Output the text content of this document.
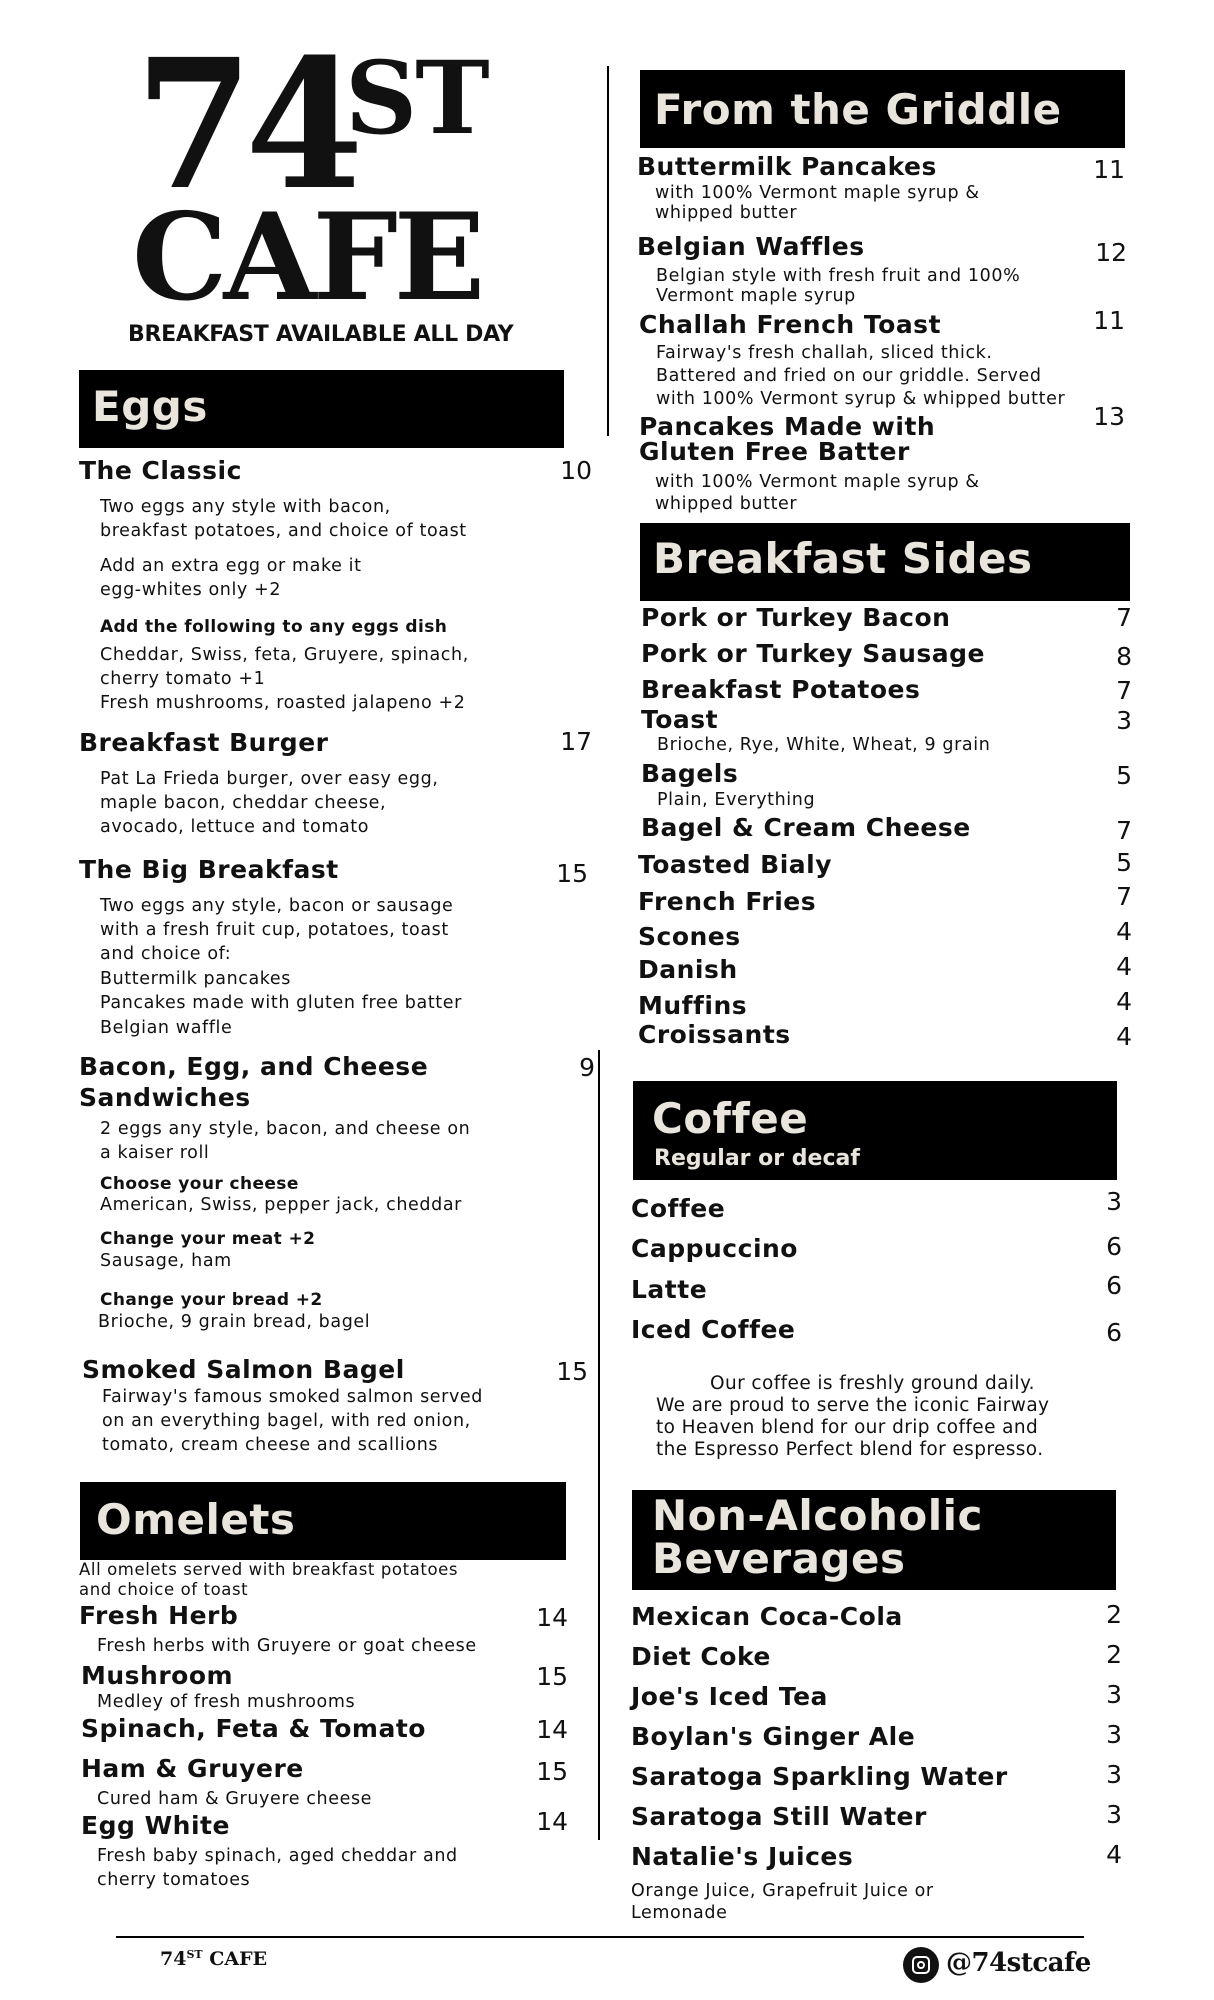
74
ST
CAFE
BREAKFAST AVAILABLE ALL DAY
Eggs
The Classic	10
Two eggs any style with bacon,
breakfast potatoes, and choice of toast
Add an extra egg or make it
egg-whites only +2
Add the following to any eggs dish
Cheddar, Swiss, feta, Gruyere, spinach,
cherry tomato +1
Fresh mushrooms, roasted jalapeno +2
Breakfast Burger	17
Pat La Frieda burger, over easy egg,
maple bacon, cheddar cheese,
avocado, lettuce and tomato
The Big Breakfast	15
Two eggs any style, bacon or sausage
with a fresh fruit cup, potatoes, toast
and choice of:
Buttermilk pancakes
Pancakes made with gluten free batter
Belgian waffle
Bacon, Egg, and Cheese
Sandwiches
9
2 eggs any style, bacon, and cheese on
a kaiser roll
Choose your cheese
American, Swiss, pepper jack, cheddar
Change your meat +2
Sausage, ham
Change your bread +2
Brioche, 9 grain bread, bagel
Smoked Salmon Bagel	15
Fairway's famous smoked salmon served
on an everything bagel, with red onion,
tomato, cream cheese and scallions
Omelets
All omelets served with breakfast potatoes
and choice of toast
Fresh Herb	14
Fresh herbs with Gruyere or goat cheese
Mushroom	15
Medley of fresh mushrooms
Spinach, Feta & Tomato	14
Ham & Gruyere	15
Cured ham & Gruyere cheese
Egg White	14
Fresh baby spinach, aged cheddar and
cherry tomatoes
From the Griddle
Buttermilk Pancakes	11
with 100% Vermont maple syrup &
whipped butter
Belgian Waffles	12
Belgian style with fresh fruit and 100%
Vermont maple syrup
Challah French Toast	11
Fairway's fresh challah, sliced thick.
Battered and fried on our griddle. Served
with 100% Vermont syrup & whipped butter
Pancakes Made with
Gluten Free Batter
13
with 100% Vermont maple syrup &
whipped butter
Breakfast Sides
Pork or Turkey Bacon	7
Pork or Turkey Sausage	8
Breakfast Potatoes	7
Toast	3
Brioche, Rye, White, Wheat, 9 grain
Bagels	5
Plain, Everything
Bagel & Cream Cheese	7
Toasted Bialy	5
French Fries	7
Scones	4
Danish	4
Muffins	4
Croissants	4
Coffee
Regular or decaf
Coffee	3
Cappuccino	6
Latte	6
Iced Coffee	6
Our coffee is freshly ground daily.
We are proud to serve the iconic Fairway
to Heaven blend for our drip coffee and
the Espresso Perfect blend for espresso.
Non-Alcoholic
Beverages
Mexican Coca-Cola	2
Diet Coke	2
Joe's Iced Tea	3
Boylan's Ginger Ale	3
Saratoga Sparkling Water	3
Saratoga Still Water	3
Natalie's Juices	4
Orange Juice, Grapefruit Juice or
Lemonade
74ST CAFE	@74stcafe
